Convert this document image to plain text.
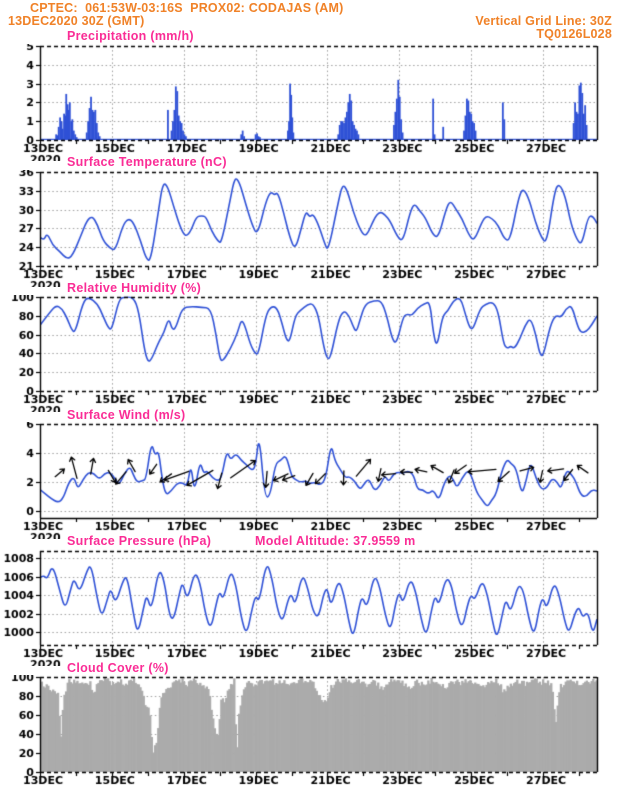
CPTEC:  061:53W-03:16S  PROX02: CODAJAS (AM)
13DEC2020 30Z (GMT)	Vertical Grid Line: 30Z
TQ0126L028
Precipitation (mm/h)
Surface Temperature (nC)
Relative Humidity (%)
Surface Wind (m/s)
Surface Pressure (hPa)	Model Altitude: 37.9559 m
Cloud Cover (%)
